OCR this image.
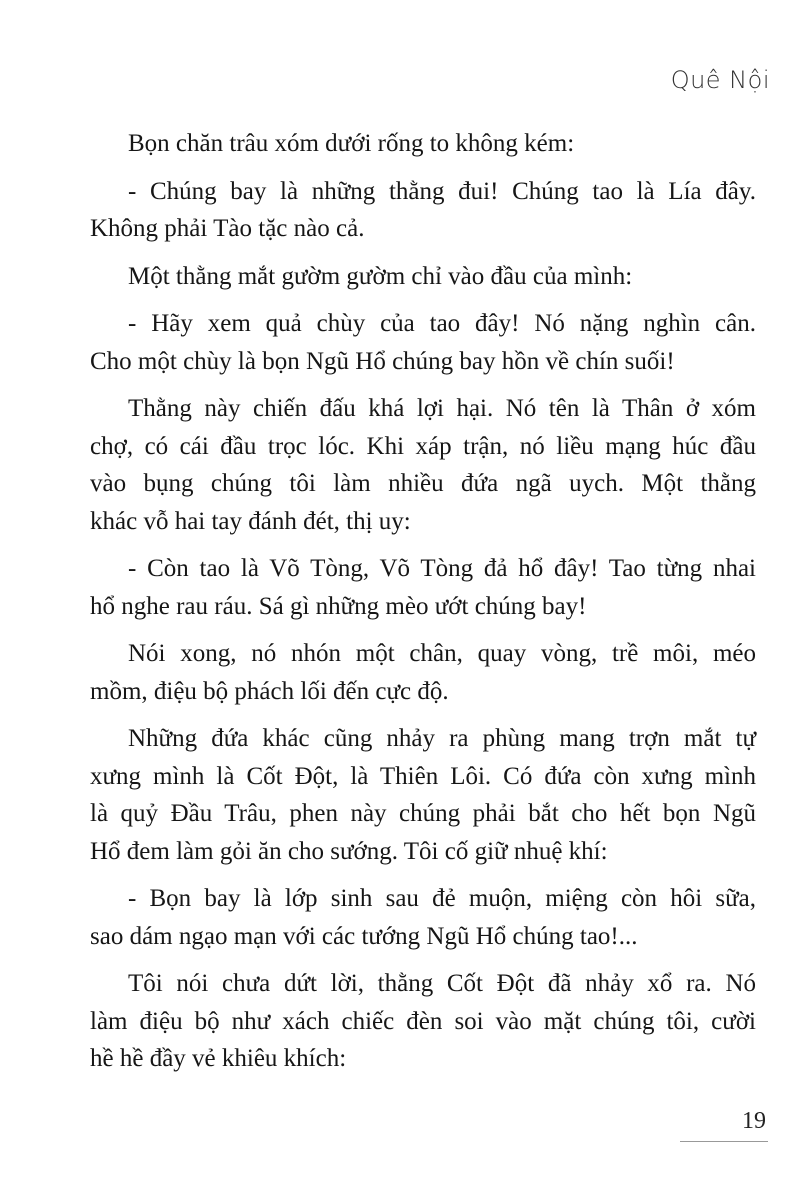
Quê Nội
Bọn chăn trâu xóm dưới rống to không kém:
- Chúng bay là những thằng đui! Chúng tao là Lía đây.
Không phải Tào tặc nào cả.
Một thằng mắt gườm gườm chỉ vào đầu của mình:
- Hãy xem quả chùy của tao đây! Nó nặng nghìn cân.
Cho một chùy là bọn Ngũ Hổ chúng bay hồn về chín suối!
Thằng này chiến đấu khá lợi hại. Nó tên là Thân ở xóm
chợ, có cái đầu trọc lóc. Khi xáp trận, nó liều mạng húc đầu
vào bụng chúng tôi làm nhiều đứa ngã uych. Một thằng
khác vỗ hai tay đánh đét, thị uy:
- Còn tao là Võ Tòng, Võ Tòng đả hổ đây! Tao từng nhai
hổ nghe rau ráu. Sá gì những mèo ướt chúng bay!
Nói xong, nó nhón một chân, quay vòng, trề môi, méo
mồm, điệu bộ phách lối đến cực độ.
Những đứa khác cũng nhảy ra phùng mang trợn mắt tự
xưng mình là Cốt Đột, là Thiên Lôi. Có đứa còn xưng mình
là quỷ Đầu Trâu, phen này chúng phải bắt cho hết bọn Ngũ
Hổ đem làm gỏi ăn cho sướng. Tôi cố giữ nhuệ khí:
- Bọn bay là lớp sinh sau đẻ muộn, miệng còn hôi sữa,
sao dám ngạo mạn với các tướng Ngũ Hổ chúng tao!...
Tôi nói chưa dứt lời, thằng Cốt Đột đã nhảy xổ ra. Nó
làm điệu bộ như xách chiếc đèn soi vào mặt chúng tôi, cười
hề hề đầy vẻ khiêu khích:
19
